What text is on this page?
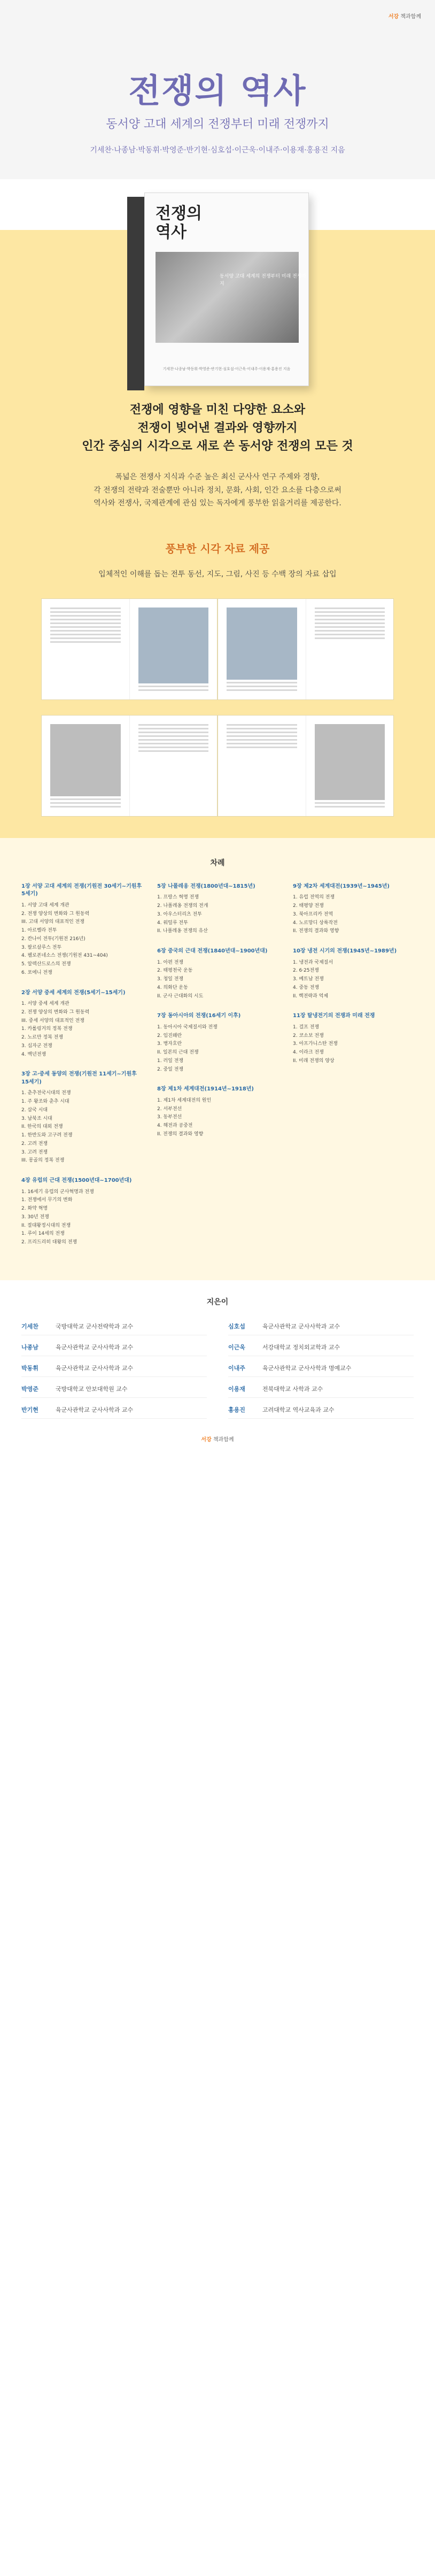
서강 책과함께
전쟁의 역사
동서양 고대 세계의 전쟁부터 미래 전쟁까지
기세찬·나종남·박동휘·박영준·반기현·심호섭·이근욱·이내주·이용재·홍용진 지음
전쟁의
역사
동서양 고대 세계의 전쟁부터 미래 전쟁까지
기세찬·나종남·박동휘·박영준·반기현·심호섭·이근욱·이내주·이용재·홍용진 지음
전쟁에 영향을 미친 다양한 요소와
전쟁이 빚어낸 결과와 영향까지
인간 중심의 시각으로 새로 쓴 동서양 전쟁의 모든 것

폭넓은 전쟁사 지식과 수준 높은 최신 군사사 연구 주제와 경향,
각 전쟁의 전략과 전술뿐만 아니라 정치, 문화, 사회, 인간 요소를 다층으로써
역사와 전쟁사, 국제관계에 관심 있는 독자에게 풍부한 읽을거리를 제공한다.

풍부한 시각 자료 제공
입체적인 이해를 돕는 전투 동선, 지도, 그림, 사진 등 수백 장의 자료 삽입
차례
1장 서양 고대 세계의 전쟁(기원전 30세기~기원후 5세기)
1. 서양 고대 세계 개관
2. 전쟁 양상의 변화와 그 원동력
III. 고대 서양의 대표적인 전쟁
1. 아르벨라 전투
2. 칸나이 전투(기원전 216년)
3. 팔르살루스 전투
4. 펠로폰네소스 전쟁(기원전 431~404)
5. 알렉산드로스의 전쟁
6. 포에니 전쟁
2장 서양 중세 세계의 전쟁(5세기~15세기)
1. 서양 중세 세계 개관
2. 전쟁 양상의 변화와 그 원동력
III. 중세 서양의 대표적인 전쟁
1. 카롤링거의 정복 전쟁
2. 노르만 정복 전쟁
3. 십자군 전쟁
4. 백년전쟁
3장 고·중세 동양의 전쟁(기원전 11세기~기원후 15세기)
1. 춘추전국시대의 전쟁
1. 주 왕조와 춘추 시대
2. 삼국 시대
3. 남북조 시대
II. 한국의 대외 전쟁
1. 한반도와 고구려 전쟁
2. 고려 전쟁
3. 고려 전쟁
III. 몽골의 정복 전쟁
4장 유럽의 근대 전쟁(1500년대~1700년대)
1. 16세기 유럽의 군사혁명과 전쟁
1. 전쟁에서 무기의 변화
2. 화약 혁명
3. 30년 전쟁
II. 절대왕정시대의 전쟁
1. 루이 14세의 전쟁
2. 프리드리히 대왕의 전쟁
5장 나폴레옹 전쟁(1800년대~1815년)
1. 프랑스 혁명 전쟁
2. 나폴레옹 전쟁의 전개
3. 아우스터리츠 전투
4. 워털루 전투
II. 나폴레옹 전쟁의 유산
6장 중국의 근대 전쟁(1840년대~1900년대)
1. 아편 전쟁
2. 태평천국 운동
3. 청일 전쟁
4. 의화단 운동
II. 군사 근대화의 시도
7장 동아시아의 전쟁(16세기 이후)
1. 동아시아 국제질서와 전쟁
2. 임진왜란
3. 병자호란
II. 일본의 근대 전쟁
1. 러일 전쟁
2. 중일 전쟁
8장 제1차 세계대전(1914년~1918년)
1. 제1차 세계대전의 원인
2. 서부전선
3. 동부전선
4. 해전과 공중전
II. 전쟁의 결과와 영향
9장 제2차 세계대전(1939년~1945년)
1. 유럽 전역의 전쟁
2. 태평양 전쟁
3. 북아프리카 전역
4. 노르망디 상륙작전
II. 전쟁의 결과와 영향
10장 냉전 시기의 전쟁(1945년~1989년)
1. 냉전과 국제질서
2. 6·25전쟁
3. 베트남 전쟁
4. 중동 전쟁
II. 핵전략과 억제
11장 탈냉전기의 전쟁과 미래 전쟁
1. 걸프 전쟁
2. 코소보 전쟁
3. 아프가니스탄 전쟁
4. 이라크 전쟁
II. 미래 전쟁의 양상
지은이
기세찬	국방대학교 군사전략학과 교수	심호섭	육군사관학교 군사사학과 교수
나종남	육군사관학교 군사사학과 교수	이근욱	서강대학교 정치외교학과 교수
박동휘	육군사관학교 군사사학과 교수	이내주	육군사관학교 군사사학과 명예교수
박영준	국방대학교 안보대학원 교수	이용재	전북대학교 사학과 교수
반기현	육군사관학교 군사사학과 교수	홍용진	고려대학교 역사교육과 교수
서강 책과함께
